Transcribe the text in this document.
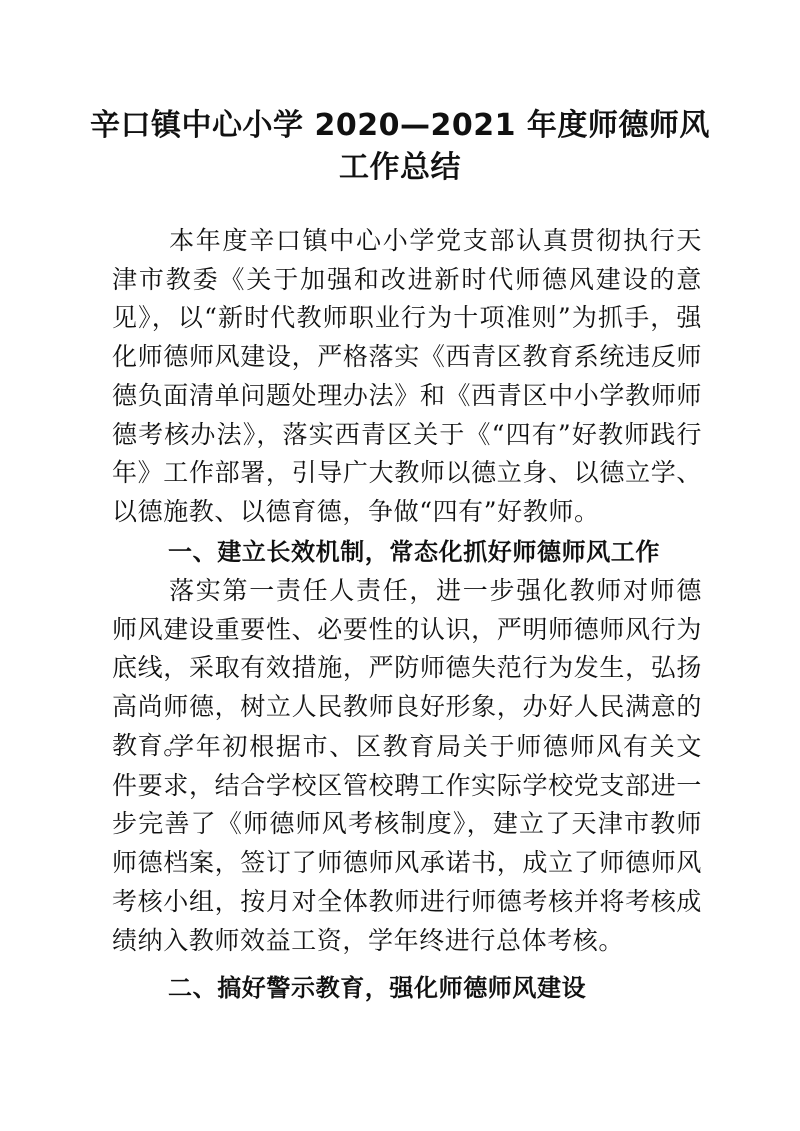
辛口镇中心小学 2020—2021 年度师德师风
工作总结

本年度辛口镇中心小学党支部认真贯彻执行天津市教委《关于加强和改进新时代师德风建设的意见》，以“新时代教师职业行为十项准则”为抓手，强化师德师风建设，严格落实《西青区教育系统违反师德负面清单问题处理办法》和《西青区中小学教师师德考核办法》，落实西青区关于《“四有”好教师践行年》工作部署，引导广大教师以德立身、以德立学、以德施教、以德育德，争做“四有”好教师。

一、建立长效机制，常态化抓好师德师风工作

落实第一责任人责任，进一步强化教师对师德师风建设重要性、必要性的认识，严明师德师风行为底线，采取有效措施，严防师德失范行为发生，弘扬高尚师德，树立人民教师良好形象，办好人民满意的教育。

学年初根据市、区教育局关于师德师风有关文件要求，结合学校区管校聘工作实际学校党支部进一步完善了《师德师风考核制度》，建立了天津市教师师德档案，签订了师德师风承诺书，成立了师德师风考核小组，按月对全体教师进行师德考核并将考核成绩纳入教师效益工资，学年终进行总体考核。

二、搞好警示教育，强化师德师风建设
